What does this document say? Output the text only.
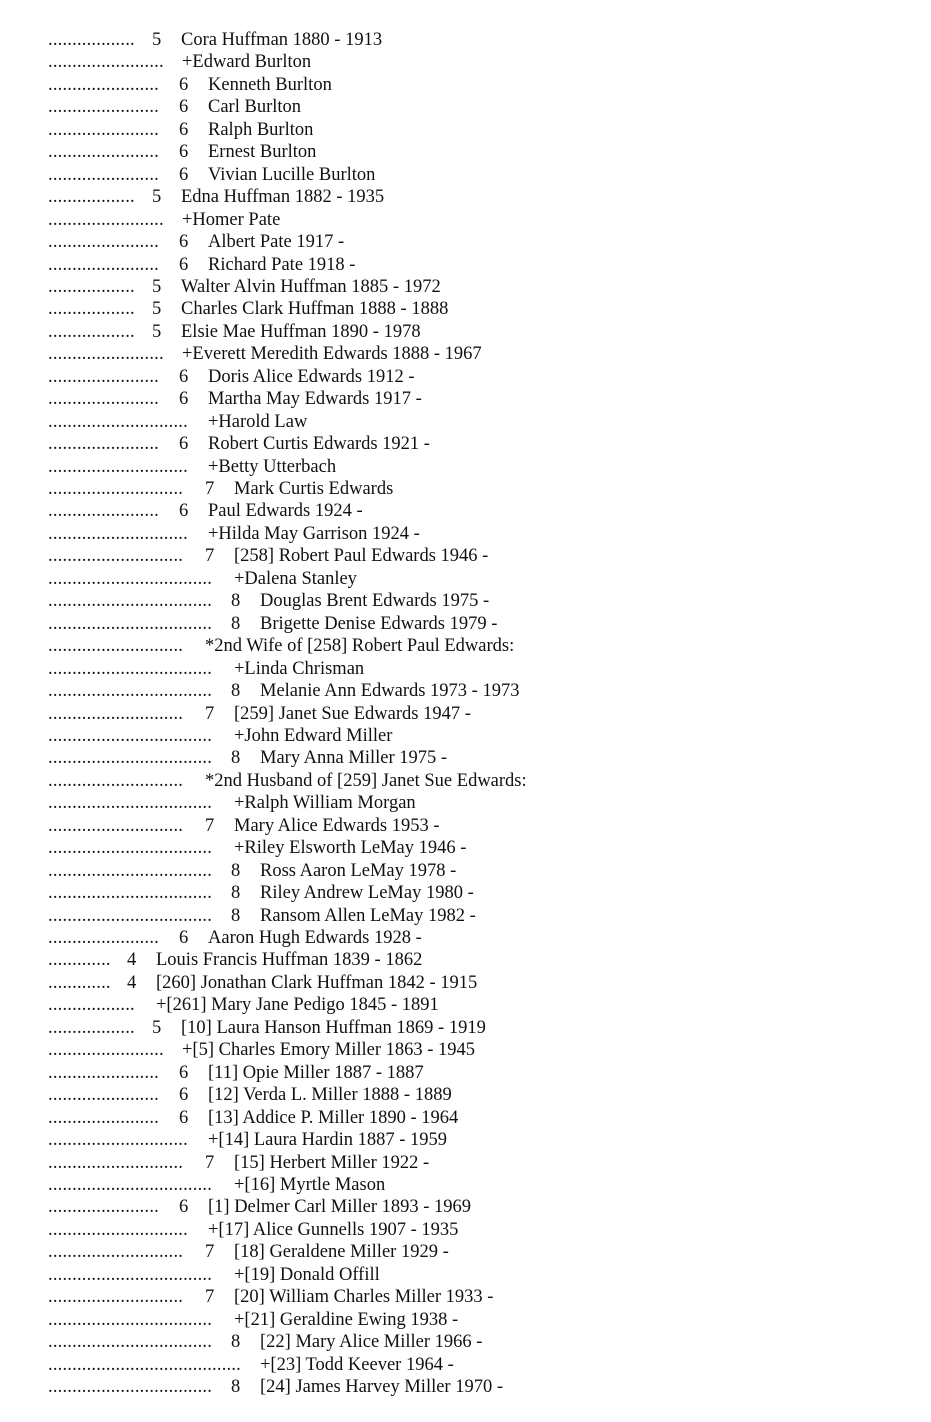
.................. 5 Cora Huffman 1880 - 1913
........................ +Edward Burlton
....................... 6 Kenneth Burlton
....................... 6 Carl Burlton
....................... 6 Ralph Burlton
....................... 6 Ernest Burlton
....................... 6 Vivian Lucille Burlton
.................. 5 Edna Huffman 1882 - 1935
........................ +Homer Pate
....................... 6 Albert Pate 1917 -
....................... 6 Richard Pate 1918 -
.................. 5 Walter Alvin Huffman 1885 - 1972
.................. 5 Charles Clark Huffman 1888 - 1888
.................. 5 Elsie Mae Huffman 1890 - 1978
........................ +Everett Meredith Edwards 1888 - 1967
....................... 6 Doris Alice Edwards 1912 -
....................... 6 Martha May Edwards 1917 -
............................. +Harold Law
....................... 6 Robert Curtis Edwards 1921 -
............................. +Betty Utterbach
............................ 7 Mark Curtis Edwards
....................... 6 Paul Edwards 1924 -
............................. +Hilda May Garrison 1924 -
............................ 7 [258] Robert Paul Edwards 1946 -
.................................. +Dalena Stanley
.................................. 8 Douglas Brent Edwards 1975 -
.................................. 8 Brigette Denise Edwards 1979 -
............................ *2nd Wife of [258] Robert Paul Edwards:
.................................. +Linda Chrisman
.................................. 8 Melanie Ann Edwards 1973 - 1973
............................ 7 [259] Janet Sue Edwards 1947 -
.................................. +John Edward Miller
.................................. 8 Mary Anna Miller 1975 -
............................ *2nd Husband of [259] Janet Sue Edwards:
.................................. +Ralph William Morgan
............................ 7 Mary Alice Edwards 1953 -
.................................. +Riley Elsworth LeMay 1946 -
.................................. 8 Ross Aaron LeMay 1978 -
.................................. 8 Riley Andrew LeMay 1980 -
.................................. 8 Ransom Allen LeMay 1982 -
....................... 6 Aaron Hugh Edwards 1928 -
............. 4 Louis Francis Huffman 1839 - 1862
............. 4 [260] Jonathan Clark Huffman 1842 - 1915
.................. +[261] Mary Jane Pedigo 1845 - 1891
.................. 5 [10] Laura Hanson Huffman 1869 - 1919
........................ +[5] Charles Emory Miller 1863 - 1945
....................... 6 [11] Opie Miller 1887 - 1887
....................... 6 [12] Verda L. Miller 1888 - 1889
....................... 6 [13] Addice P. Miller 1890 - 1964
............................. +[14] Laura Hardin 1887 - 1959
............................ 7 [15] Herbert Miller 1922 -
.................................. +[16] Myrtle Mason
....................... 6 [1] Delmer Carl Miller 1893 - 1969
............................. +[17] Alice Gunnells 1907 - 1935
............................ 7 [18] Geraldene Miller 1929 -
.................................. +[19] Donald Offill
............................ 7 [20] William Charles Miller 1933 -
.................................. +[21] Geraldine Ewing 1938 -
.................................. 8 [22] Mary Alice Miller 1966 -
........................................ +[23] Todd Keever 1964 -
.................................. 8 [24] James Harvey Miller 1970 -
